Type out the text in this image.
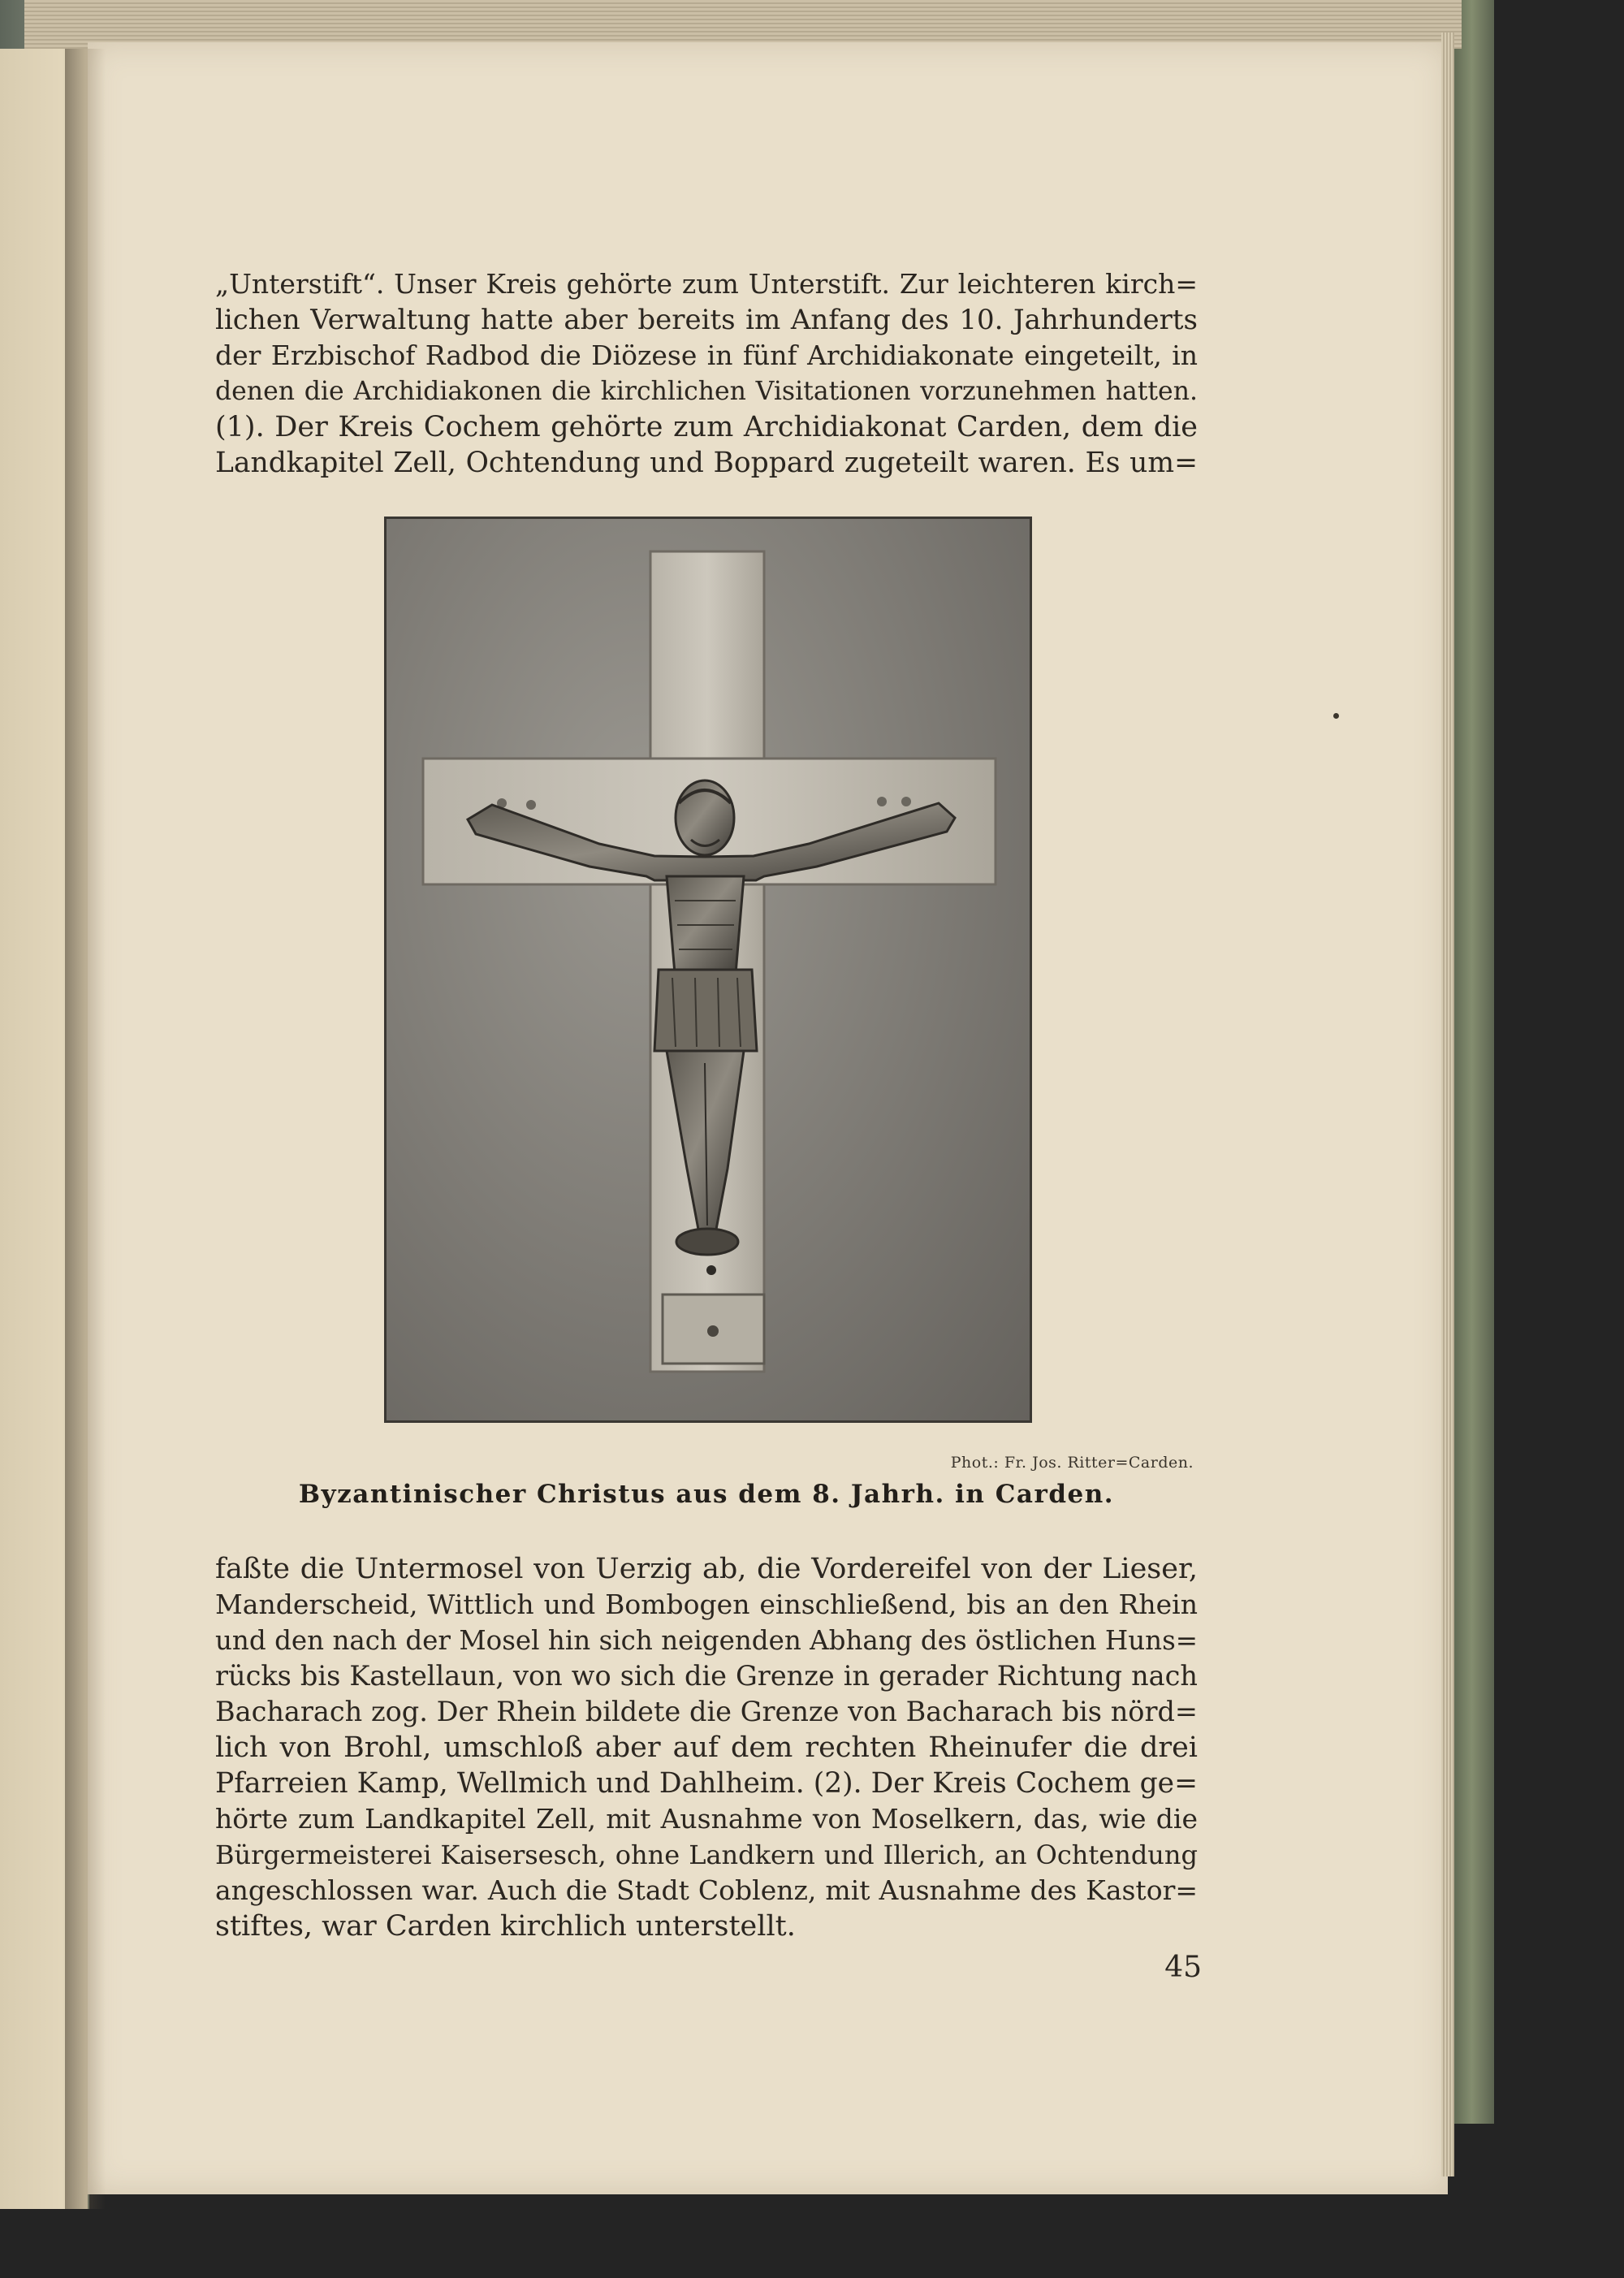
„Unterstift“. Unser Kreis gehörte zum Unterstift. Zur leichteren kirch=
lichen Verwaltung hatte aber bereits im Anfang des 10. Jahrhunderts
der Erzbischof Radbod die Diözese in fünf Archidiakonate eingeteilt, in
denen die Archidiakonen die kirchlichen Visitationen vorzunehmen hatten.
(1). Der Kreis Cochem gehörte zum Archidiakonat Carden, dem die
Landkapitel Zell, Ochtendung und Boppard zugeteilt waren. Es um=
Phot.: Fr. Jos. Ritter=Carden.
Byzantinischer Christus aus dem 8. Jahrh. in Carden.
faßte die Untermosel von Uerzig ab, die Vordereifel von der Lieser,
Manderscheid, Wittlich und Bombogen einschließend, bis an den Rhein
und den nach der Mosel hin sich neigenden Abhang des östlichen Huns=
rücks bis Kastellaun, von wo sich die Grenze in gerader Richtung nach
Bacharach zog. Der Rhein bildete die Grenze von Bacharach bis nörd=
lich von Brohl, umschloß aber auf dem rechten Rheinufer die drei
Pfarreien Kamp, Wellmich und Dahlheim. (2). Der Kreis Cochem ge=
hörte zum Landkapitel Zell, mit Ausnahme von Moselkern, das, wie die
Bürgermeisterei Kaisersesch, ohne Landkern und Illerich, an Ochtendung
angeschlossen war. Auch die Stadt Coblenz, mit Ausnahme des Kastor=
stiftes, war Carden kirchlich unterstellt.
45
